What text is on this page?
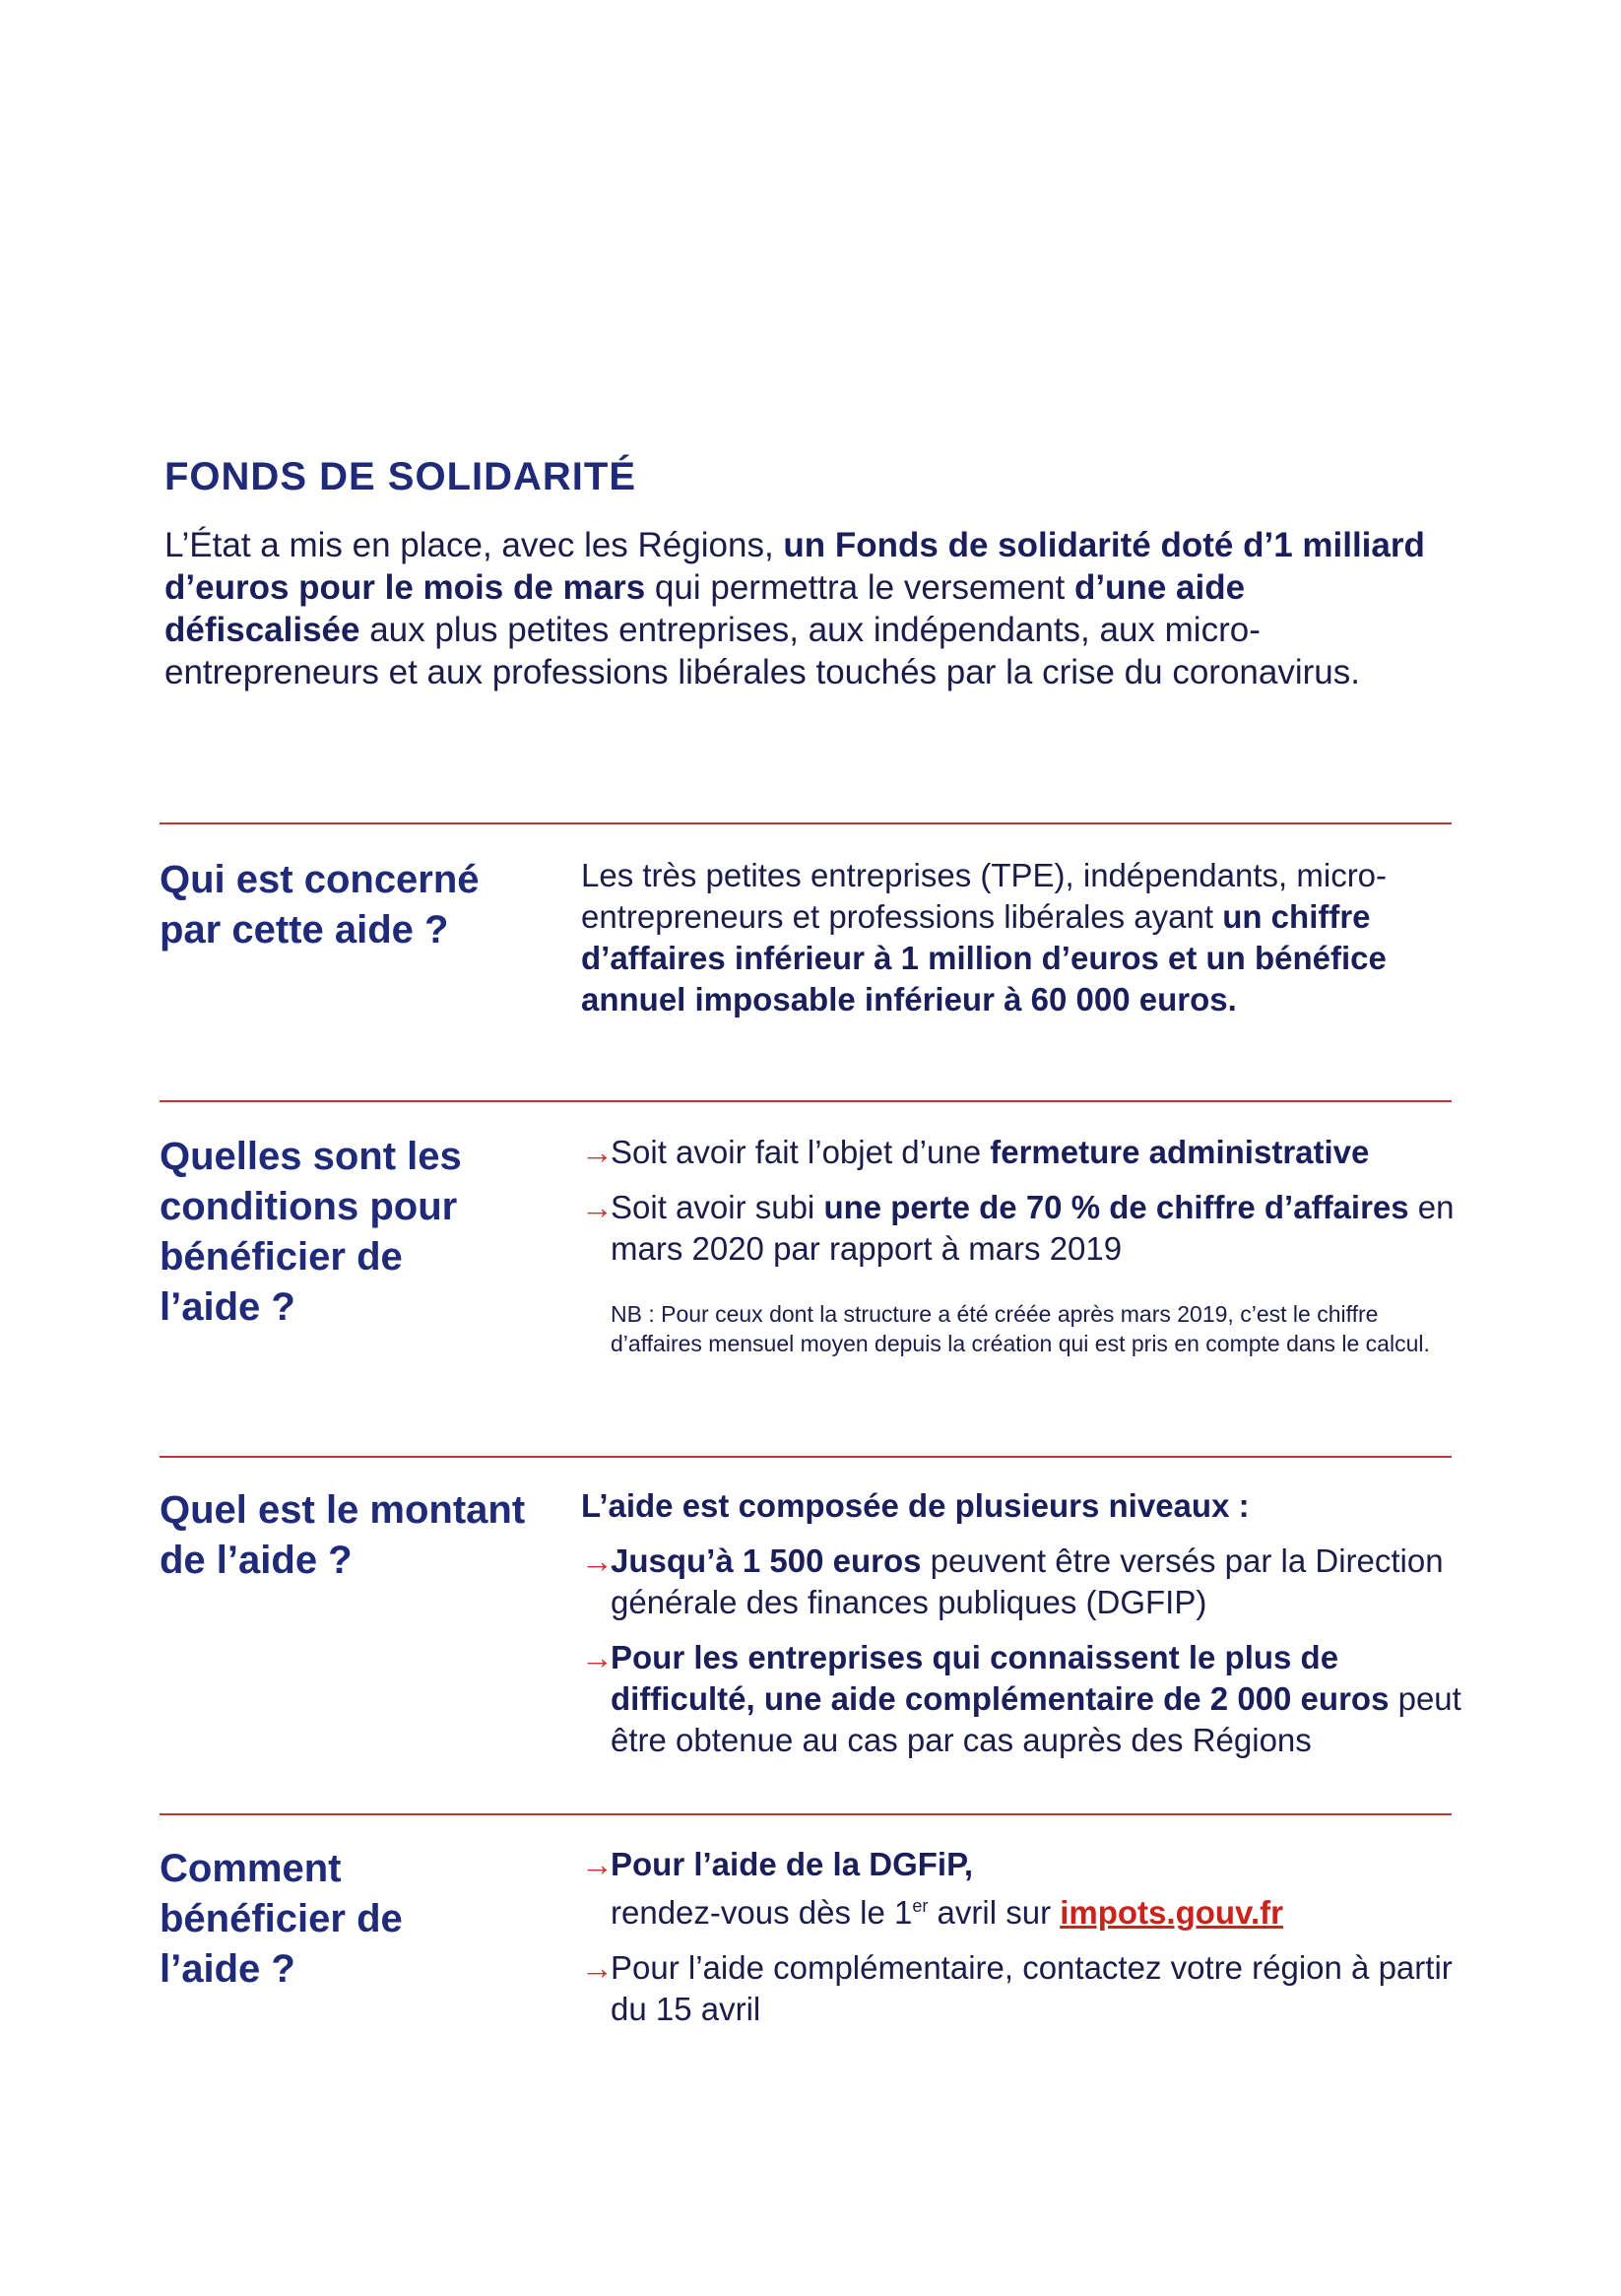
FONDS DE SOLIDARITÉ
L’État a mis en place, avec les Régions, un Fonds de solidarité doté d’1 milliard d’euros pour le mois de mars qui permettra le versement d’une aide défiscalisée aux plus petites entreprises, aux indépendants, aux micro-entrepreneurs et aux professions libérales touchés par la crise du coronavirus.
Qui est concerné par cette aide ?

Les très petites entreprises (TPE), indépendants, micro-entrepreneurs et professions libérales ayant un chiffre d’affaires inférieur à 1 million d’euros et un bénéfice annuel imposable inférieur à 60 000 euros.

Quelles sont les conditions pour bénéficier de l’aide ?
→
Soit avoir fait l’objet d’une fermeture administrative
→
Soit avoir subi une perte de 70 % de chiffre d’affaires en mars 2020 par rapport à mars 2019
NB : Pour ceux dont la structure a été créée après mars 2019, c’est le chiffre d’affaires mensuel moyen depuis la création qui est pris en compte dans le calcul.
Quel est le montant de l’aide ?

L’aide est composée de plusieurs niveaux :

→
Jusqu’à 1 500 euros peuvent être versés par la Direction générale des finances publiques (DGFIP)
→
Pour les entreprises qui connaissent le plus de difficulté, une aide complémentaire de 2 000 euros peut être obtenue au cas par cas auprès des Régions
Comment bénéficier de l’aide ?
→
Pour l’aide de la DGFiP,
rendez-vous dès le 1er avril sur impots.gouv.fr
→
Pour l’aide complémentaire, contactez votre région à partir du 15 avril
